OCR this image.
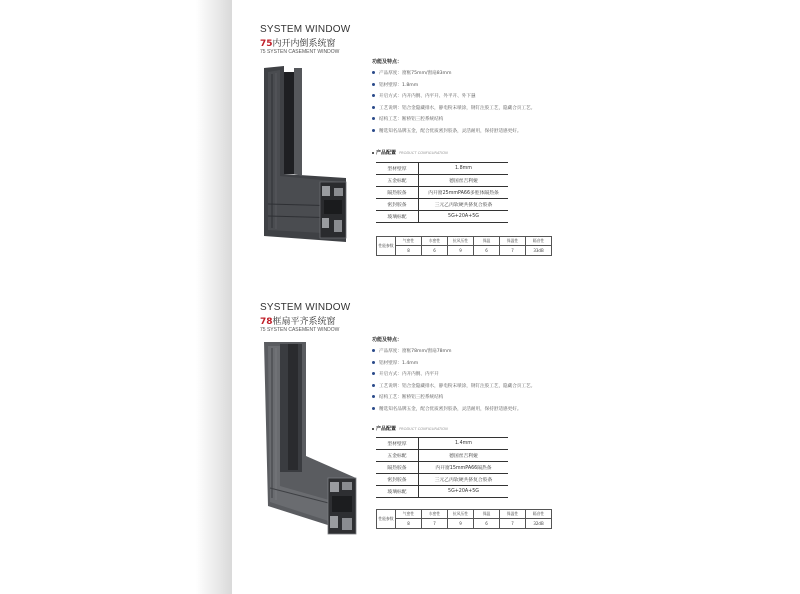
SYSTEM WINDOW
75内开内倒系统窗
75 SYSTEN CASEMENT WINDOW
功能及特点：
产品厚度：窗框75mm/窗扇83mm
铝材壁厚：1.8mm
开启方式：内开内倒、内平开、外平开、外下悬
工艺说明：铝合金隐藏排水，静电粉末喷涂，钢钉注胶工艺，隐藏合页工艺。
结构工艺：断桥铝三腔系统结构
精选知名品牌五金，配合优质密封胶条，灵活耐用，保持舒适感更好。
产品配置 PRODUCT CONFIGURATION
型材壁厚	1.8mm
五金标配	德国丝吉利娅
隔热胶条	内开窗25mmPA66多腔体隔热条
密封胶条	三元乙丙软硬共挤复合胶条
玻璃标配	5G+20A+5G
性能参数	气密性	水密性	抗风压性	保温	保温性	隔音性
	8	6	9	6	7	33dB
SYSTEM WINDOW
78框扇平齐系统窗
75 SYSTEN CASEMENT WINDOW
功能及特点：
产品厚度：窗框78mm/窗扇78mm
铝材壁厚：1.4mm
开启方式：内开内倒、内平开
工艺说明：铝合金隐藏排水，静电粉末喷涂，钢钉注胶工艺，隐藏合页工艺。
结构工艺：断桥铝三腔系统结构
精选知名品牌五金，配合优质密封胶条，灵活耐用，保持舒适感更好。
产品配置 PRODUCT CONFIGURATION
型材壁厚	1.4mm
五金标配	德国丝吉利娅
隔热胶条	内开窗15mmPA66隔热条
密封胶条	三元乙丙软硬共挤复合胶条
玻璃标配	5G+20A+5G
性能参数	气密性	水密性	抗风压性	保温	保温性	隔音性
	8	7	9	6	7	32dB
